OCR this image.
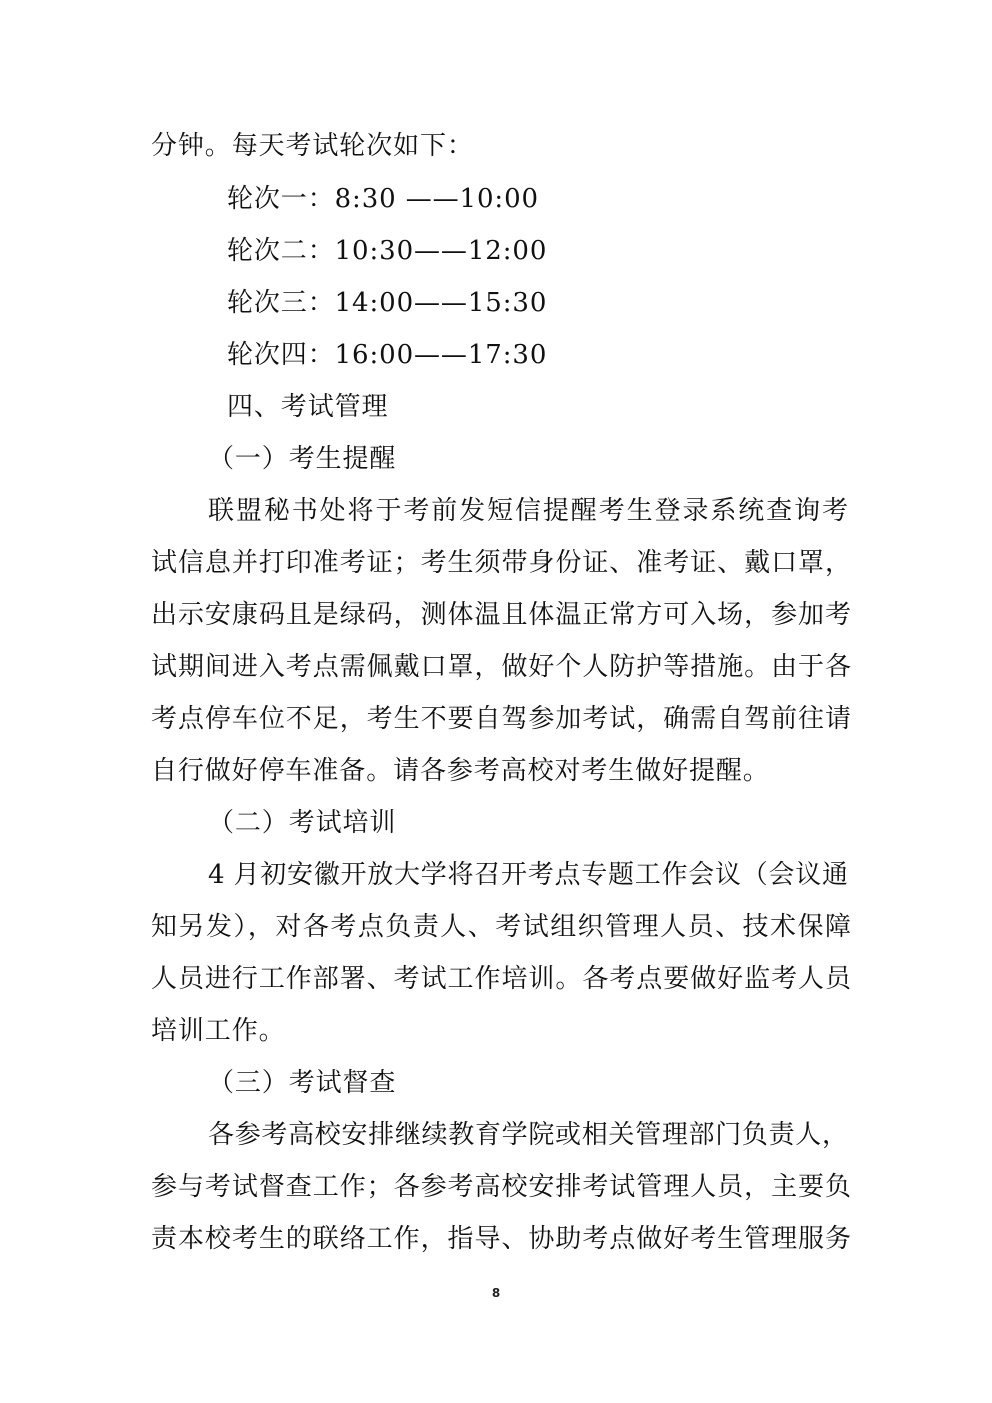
分钟。每天考试轮次如下：
轮次一：8:30 ——10:00
轮次二：10:30——12:00
轮次三：14:00——15:30
轮次四：16:00——17:30
四、考试管理
（一）考生提醒
联盟秘书处将于考前发短信提醒考生登录系统查询考
试信息并打印准考证；考生须带身份证、准考证、戴口罩，
出示安康码且是绿码，测体温且体温正常方可入场，参加考
试期间进入考点需佩戴口罩，做好个人防护等措施。由于各
考点停车位不足，考生不要自驾参加考试，确需自驾前往请
自行做好停车准备。请各参考高校对考生做好提醒。
（二）考试培训
4 月初安徽开放大学将召开考点专题工作会议（会议通
知另发），对各考点负责人、考试组织管理人员、技术保障
人员进行工作部署、考试工作培训。各考点要做好监考人员
培训工作。
（三）考试督查
各参考高校安排继续教育学院或相关管理部门负责人，
参与考试督查工作；各参考高校安排考试管理人员，主要负
责本校考生的联络工作，指导、协助考点做好考生管理服务
8
